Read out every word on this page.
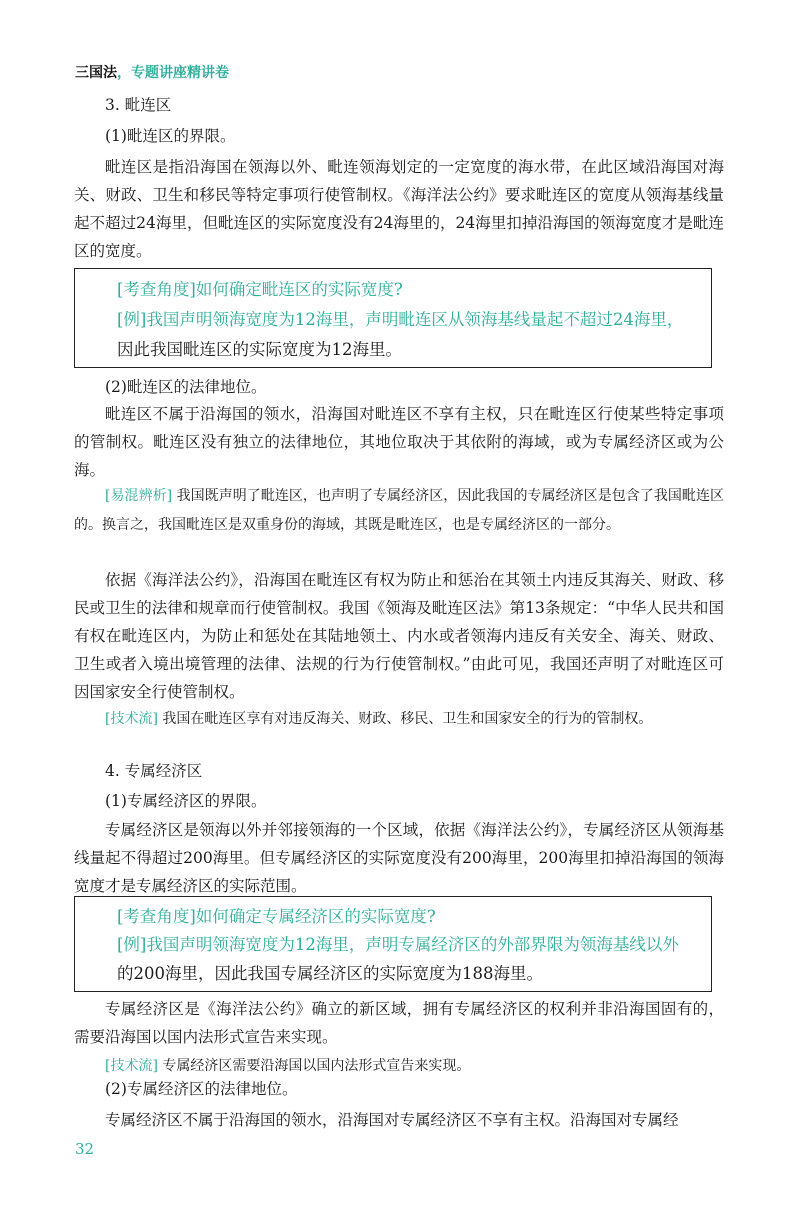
三国法，专题讲座精讲卷

3. 毗连区

(1)毗连区的界限。

毗连区是指沿海国在领海以外、毗连领海划定的一定宽度的海水带，在此区域沿海国对海关、财政、卫生和移民等特定事项行使管制权。《海洋法公约》要求毗连区的宽度从领海基线量起不超过24海里，但毗连区的实际宽度没有24海里的，24海里扣掉沿海国的领海宽度才是毗连区的宽度。

[考查角度]如何确定毗连区的实际宽度?
[例]我国声明领海宽度为12海里，声明毗连区从领海基线量起不超过24海里，
因此我国毗连区的实际宽度为12海里。

(2)毗连区的法律地位。

毗连区不属于沿海国的领水，沿海国对毗连区不享有主权，只在毗连区行使某些特定事项的管制权。毗连区没有独立的法律地位，其地位取决于其依附的海域，或为专属经济区或为公海。

[易混辨析] 我国既声明了毗连区，也声明了专属经济区，因此我国的专属经济区是包含了我国毗连区的。换言之，我国毗连区是双重身份的海域，其既是毗连区，也是专属经济区的一部分。

依据《海洋法公约》，沿海国在毗连区有权为防止和惩治在其领土内违反其海关、财政、移民或卫生的法律和规章而行使管制权。我国《领海及毗连区法》第13条规定：“中华人民共和国有权在毗连区内，为防止和惩处在其陆地领土、内水或者领海内违反有关安全、海关、财政、卫生或者入境出境管理的法律、法规的行为行使管制权。”由此可见，我国还声明了对毗连区可因国家安全行使管制权。

[技术流] 我国在毗连区享有对违反海关、财政、移民、卫生和国家安全的行为的管制权。

4. 专属经济区

(1)专属经济区的界限。

专属经济区是领海以外并邻接领海的一个区域，依据《海洋法公约》，专属经济区从领海基线量起不得超过200海里。但专属经济区的实际宽度没有200海里，200海里扣掉沿海国的领海宽度才是专属经济区的实际范围。

[考查角度]如何确定专属经济区的实际宽度?
[例]我国声明领海宽度为12海里，声明专属经济区的外部界限为领海基线以外
的200海里，因此我国专属经济区的实际宽度为188海里。

专属经济区是《海洋法公约》确立的新区域，拥有专属经济区的权利并非沿海国固有的，需要沿海国以国内法形式宣告来实现。

[技术流] 专属经济区需要沿海国以国内法形式宣告来实现。

(2)专属经济区的法律地位。

专属经济区不属于沿海国的领水，沿海国对专属经济区不享有主权。沿海国对专属经

32
